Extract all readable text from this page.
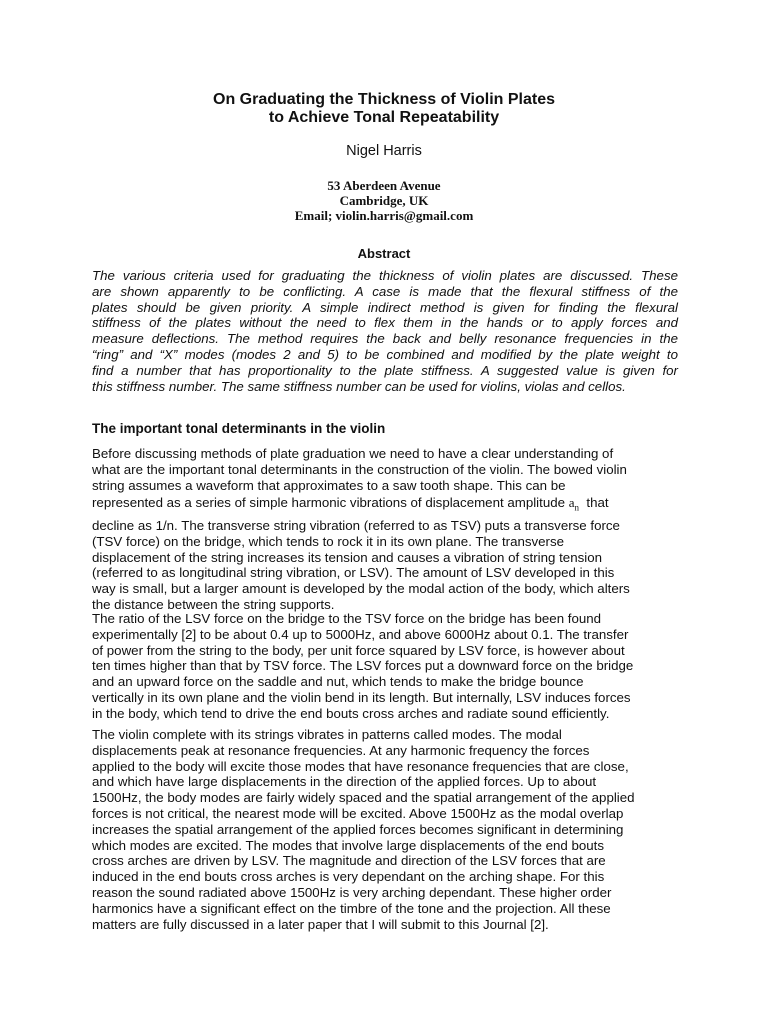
On Graduating the Thickness of Violin Plates
to Achieve Tonal Repeatability
Nigel Harris
53 Aberdeen Avenue
Cambridge, UK
Email; violin.harris@gmail.com
Abstract
The various criteria used for graduating the thickness of violin plates are discussed. These
are shown apparently to be conflicting. A case is made that the flexural stiffness of the
plates should be given priority. A simple indirect method is given for finding the flexural
stiffness of the plates without the need to flex them in the hands or to apply forces and
measure deflections. The method requires the back and belly resonance frequencies in the
“ring” and “X” modes (modes 2 and 5) to be combined and modified by the plate weight to
find a number that has proportionality to the plate stiffness. A suggested value is given for
this stiffness number. The same stiffness number can be used for violins, violas and cellos.
The important tonal determinants in the violin
Before discussing methods of plate graduation we need to have a clear understanding of
what are the important tonal determinants in the construction of the violin. The bowed violin
string assumes a waveform that approximates to a saw tooth shape. This can be
represented as a series of simple harmonic vibrations of displacement amplitude $a_n$  that
decline as 1/n. The transverse string vibration (referred to as TSV) puts a transverse force
(TSV force) on the bridge, which tends to rock it in its own plane. The transverse
displacement of the string increases its tension and causes a vibration of string tension
(referred to as longitudinal string vibration, or LSV). The amount of LSV developed in this
way is small, but a larger amount is developed by the modal action of the body, which alters
the distance between the string supports.
The ratio of the LSV force on the bridge to the TSV force on the bridge has been found
experimentally [2] to be about 0.4 up to 5000Hz, and above 6000Hz about 0.1. The transfer
of power from the string to the body, per unit force squared by LSV force, is however about
ten times higher than that by TSV force. The LSV forces put a downward force on the bridge
and an upward force on the saddle and nut, which tends to make the bridge bounce
vertically in its own plane and the violin bend in its length. But internally, LSV induces forces
in the body, which tend to drive the end bouts cross arches and radiate sound efficiently.
The violin complete with its strings vibrates in patterns called modes. The modal
displacements peak at resonance frequencies. At any harmonic frequency the forces
applied to the body will excite those modes that have resonance frequencies that are close,
and which have large displacements in the direction of the applied forces. Up to about
1500Hz, the body modes are fairly widely spaced and the spatial arrangement of the applied
forces is not critical, the nearest mode will be excited. Above 1500Hz as the modal overlap
increases the spatial arrangement of the applied forces becomes significant in determining
which modes are excited. The modes that involve large displacements of the end bouts
cross arches are driven by LSV. The magnitude and direction of the LSV forces that are
induced in the end bouts cross arches is very dependant on the arching shape. For this
reason the sound radiated above 1500Hz is very arching dependant. These higher order
harmonics have a significant effect on the timbre of the tone and the projection. All these
matters are fully discussed in a later paper that I will submit to this Journal [2].
